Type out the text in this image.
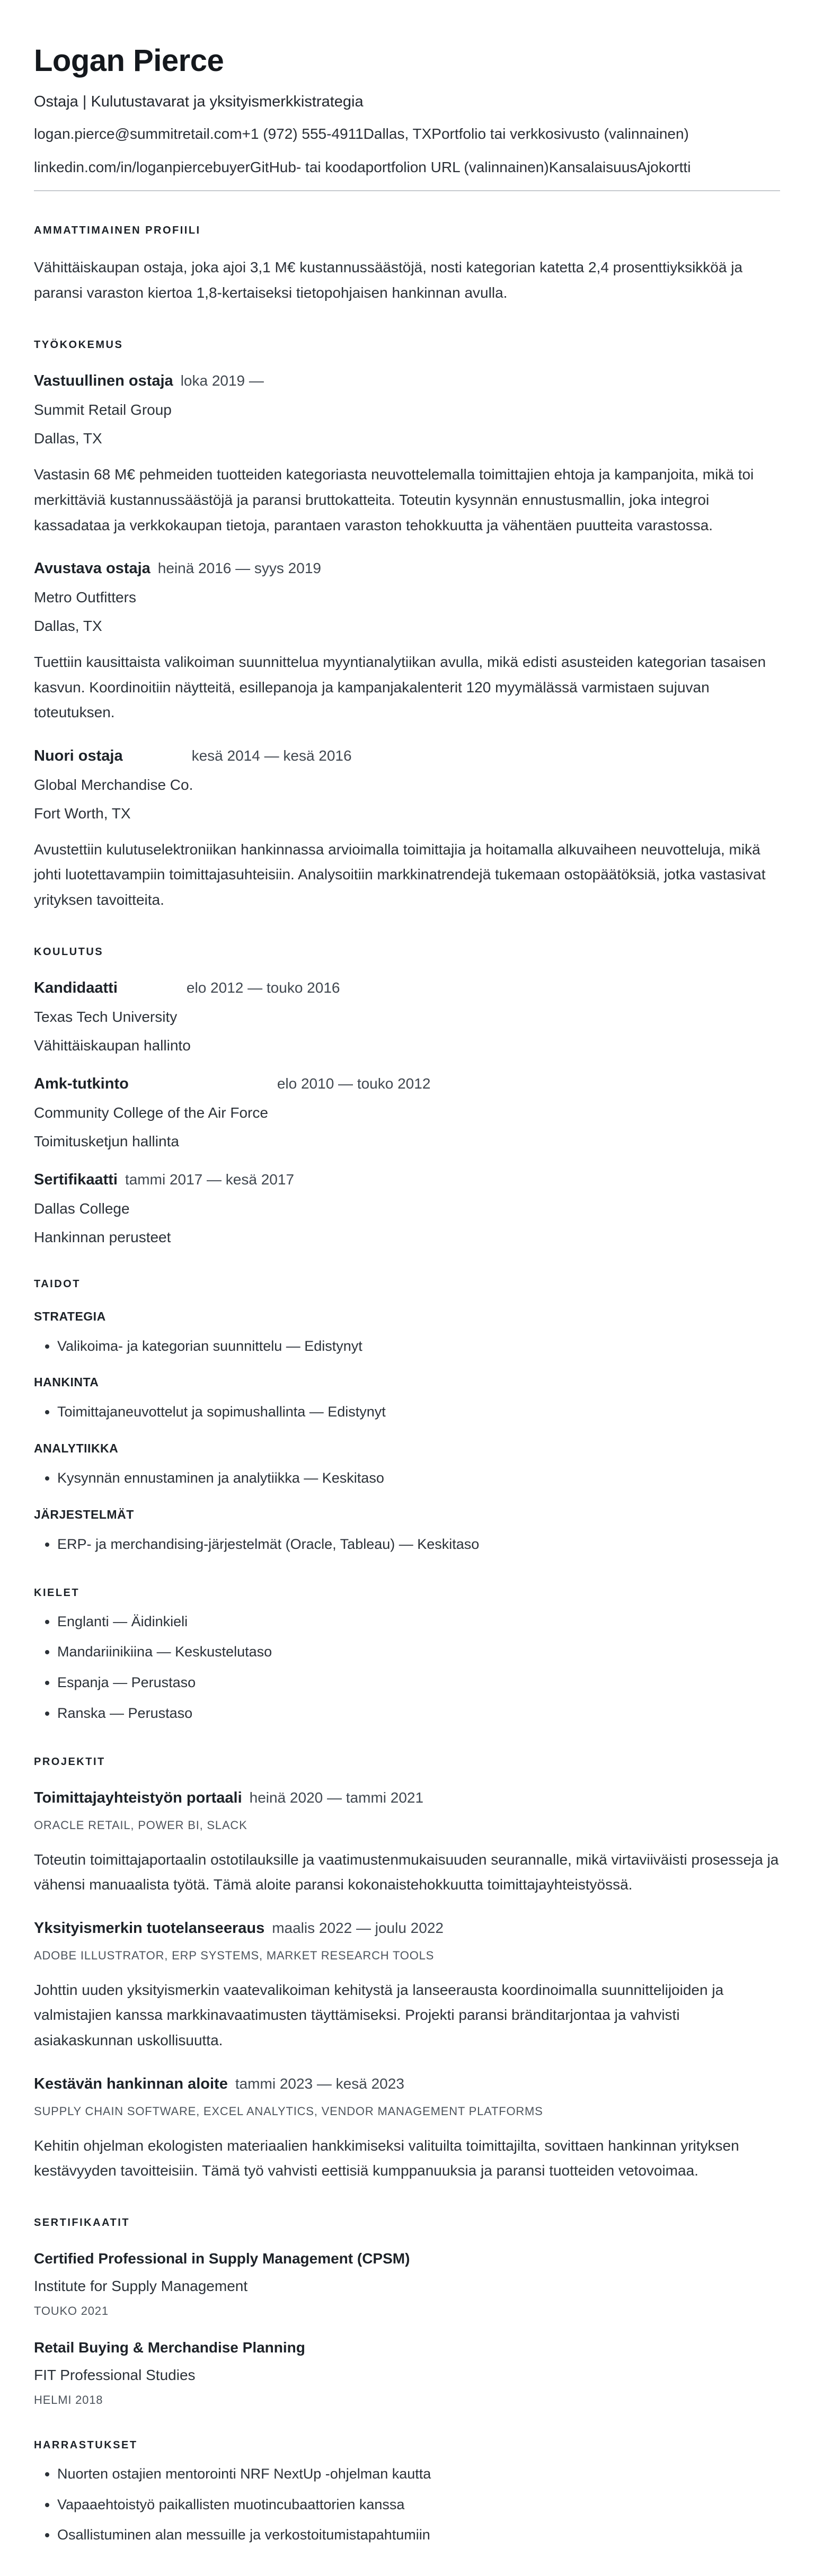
Logan Pierce
Ostaja | Kulutustavarat ja yksityismerkkistrategia
logan.pierce@summitretail.com+1 (972) 555-4911Dallas, TXPortfolio tai verkkosivusto (valinnainen)
linkedin.com/in/loganpiercebuyerGitHub- tai koodaportfolion URL (valinnainen)KansalaisuusAjokortti
AMMATTIMAINEN PROFIILI

Vähittäiskaupan ostaja, joka ajoi 3,1 M€ kustannussäästöjä, nosti kategorian katetta 2,4 prosenttiyksikköä ja paransi varaston kiertoa 1,8-kertaiseksi tietopohjaisen hankinnan avulla.

TYÖKOKEMUS
Vastuullinen ostaja loka 2019 —
Summit Retail Group
Dallas, TX

Vastasin 68 M€ pehmeiden tuotteiden kategoriasta neuvottelemalla toimittajien ehtoja ja kampanjoita, mikä toi merkittäviä kustannussäästöjä ja paransi bruttokatteita. Toteutin kysynnän ennustusmallin, joka integroi kassadataa ja verkkokaupan tietoja, parantaen varaston tehokkuutta ja vähentäen puutteita varastossa.

Avustava ostaja heinä 2016 — syys 2019
Metro Outfitters
Dallas, TX

Tuettiin kausittaista valikoiman suunnittelua myyntianalytiikan avulla, mikä edisti asusteiden kategorian tasaisen kasvun. Koordinoitiin näytteitä, esillepanoja ja kampanjakalenterit 120 myymälässä varmistaen sujuvan toteutuksen.

Nuori ostaja	kesä 2014 — kesä 2016
Global Merchandise Co.
Fort Worth, TX

Avustettiin kulutuselektroniikan hankinnassa arvioimalla toimittajia ja hoitamalla alkuvaiheen neuvotteluja, mikä johti luotettavampiin toimittajasuhteisiin. Analysoitiin markkinatrendejä tukemaan ostopäätöksiä, jotka vastasivat yrityksen tavoitteita.

KOULUTUS
Kandidaatti	elo 2012 — touko 2016
Texas Tech University
Vähittäiskaupan hallinto
Amk-tutkinto	elo 2010 — touko 2012
Community College of the Air Force
Toimitusketjun hallinta
Sertifikaatti tammi 2017 — kesä 2017
Dallas College
Hankinnan perusteet
TAIDOT
STRATEGIA
• Valikoima- ja kategorian suunnittelu — Edistynyt
HANKINTA
• Toimittajaneuvottelut ja sopimushallinta — Edistynyt
ANALYTIIKKA
• Kysynnän ennustaminen ja analytiikka — Keskitaso
JÄRJESTELMÄT
• ERP- ja merchandising-järjestelmät (Oracle, Tableau) — Keskitaso
KIELET
• Englanti — Äidinkieli
• Mandariinikiina — Keskustelutaso
• Espanja — Perustaso
• Ranska — Perustaso
PROJEKTIT
Toimittajayhteistyön portaali heinä 2020 — tammi 2021
ORACLE RETAIL, POWER BI, SLACK

Toteutin toimittajaportaalin ostotilauksille ja vaatimustenmukaisuuden seurannalle, mikä virtaviiväisti prosesseja ja vähensi manuaalista työtä. Tämä aloite paransi kokonaistehokkuutta toimittajayhteistyössä.

Yksityismerkin tuotelanseeraus maalis 2022 — joulu 2022
ADOBE ILLUSTRATOR, ERP SYSTEMS, MARKET RESEARCH TOOLS

Johttin uuden yksityismerkin vaatevalikoiman kehitystä ja lanseerausta koordinoimalla suunnittelijoiden ja valmistajien kanssa markkinavaatimusten täyttämiseksi. Projekti paransi bränditarjontaa ja vahvisti asiakaskunnan uskollisuutta.

Kestävän hankinnan aloite tammi 2023 — kesä 2023
SUPPLY CHAIN SOFTWARE, EXCEL ANALYTICS, VENDOR MANAGEMENT PLATFORMS

Kehitin ohjelman ekologisten materiaalien hankkimiseksi valituilta toimittajilta, sovittaen hankinnan yrityksen kestävyyden tavoitteisiin. Tämä työ vahvisti eettisiä kumppanuuksia ja paransi tuotteiden vetovoimaa.

SERTIFIKAATIT
Certified Professional in Supply Management (CPSM)
Institute for Supply Management
TOUKO 2021
Retail Buying & Merchandise Planning
FIT Professional Studies
HELMI 2018
HARRASTUKSET
• Nuorten ostajien mentorointi NRF NextUp -ohjelman kautta
• Vapaaehtoistyö paikallisten muotincubaattorien kanssa
• Osallistuminen alan messuille ja verkostoitumistapahtumiin
